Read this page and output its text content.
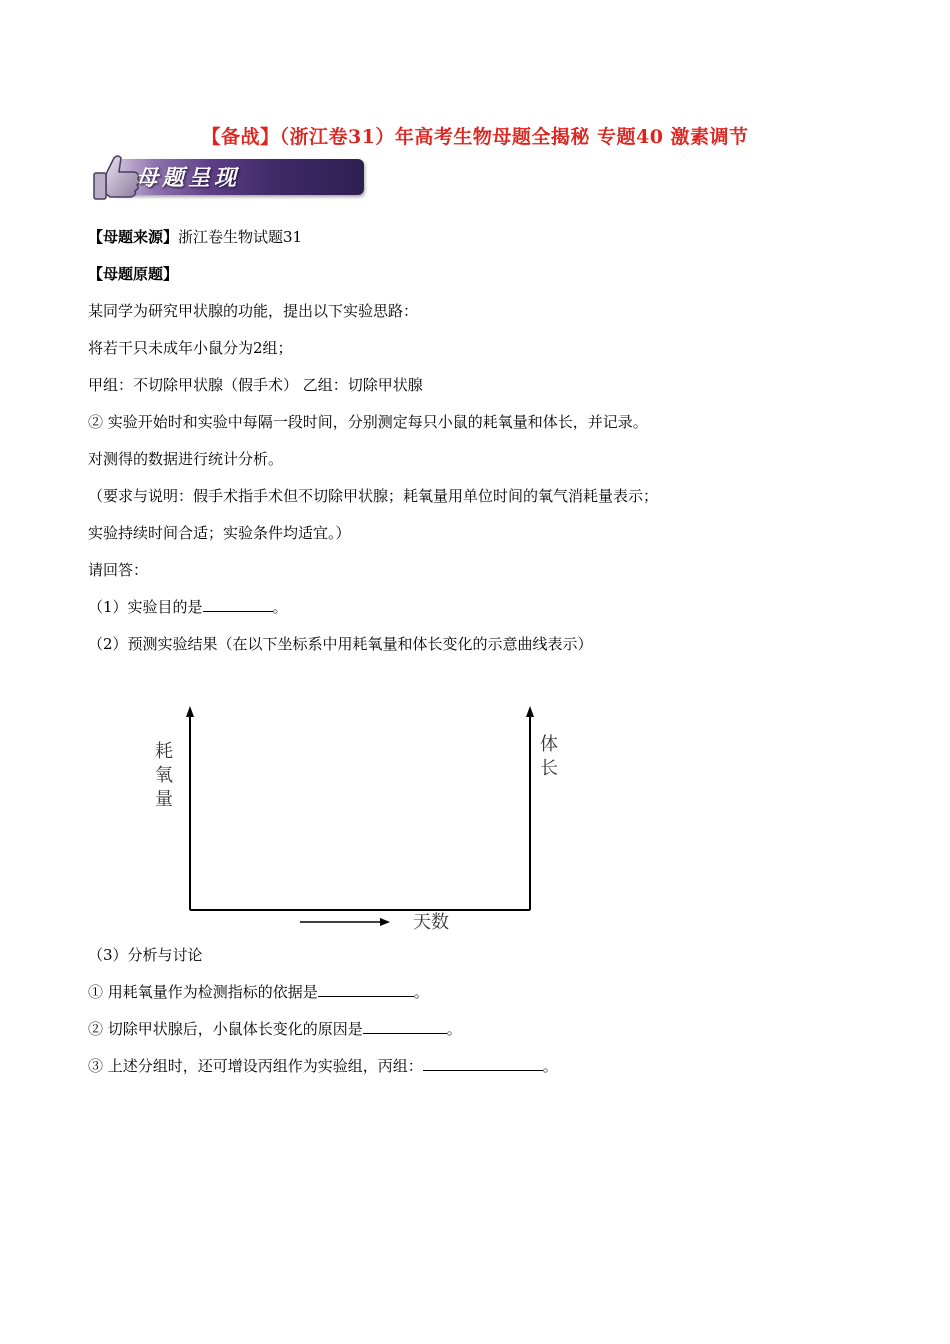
【备战】（浙江卷31）年高考生物母题全揭秘 专题40 激素调节
母题呈现
【母题来源】浙江卷生物试题31
【母题原题】
某同学为研究甲状腺的功能，提出以下实验思路：
将若干只未成年小鼠分为2组；
甲组：不切除甲状腺（假手术） 乙组：切除甲状腺
② 实验开始时和实验中每隔一段时间，分别测定每只小鼠的耗氧量和体长，并记录。
对测得的数据进行统计分析。
（要求与说明：假手术指手术但不切除甲状腺；耗氧量用单位时间的氧气消耗量表示；
实验持续时间合适；实验条件均适宜。）
请回答：
（1）实验目的是	。
（2）预测实验结果（在以下坐标系中用耗氧量和体长变化的示意曲线表示）
耗
氧
量
体
长
天数
（3）分析与讨论
① 用耗氧量作为检测指标的依据是	。
② 切除甲状腺后，小鼠体长变化的原因是	。
③ 上述分组时，还可增设丙组作为实验组，丙组：	。
